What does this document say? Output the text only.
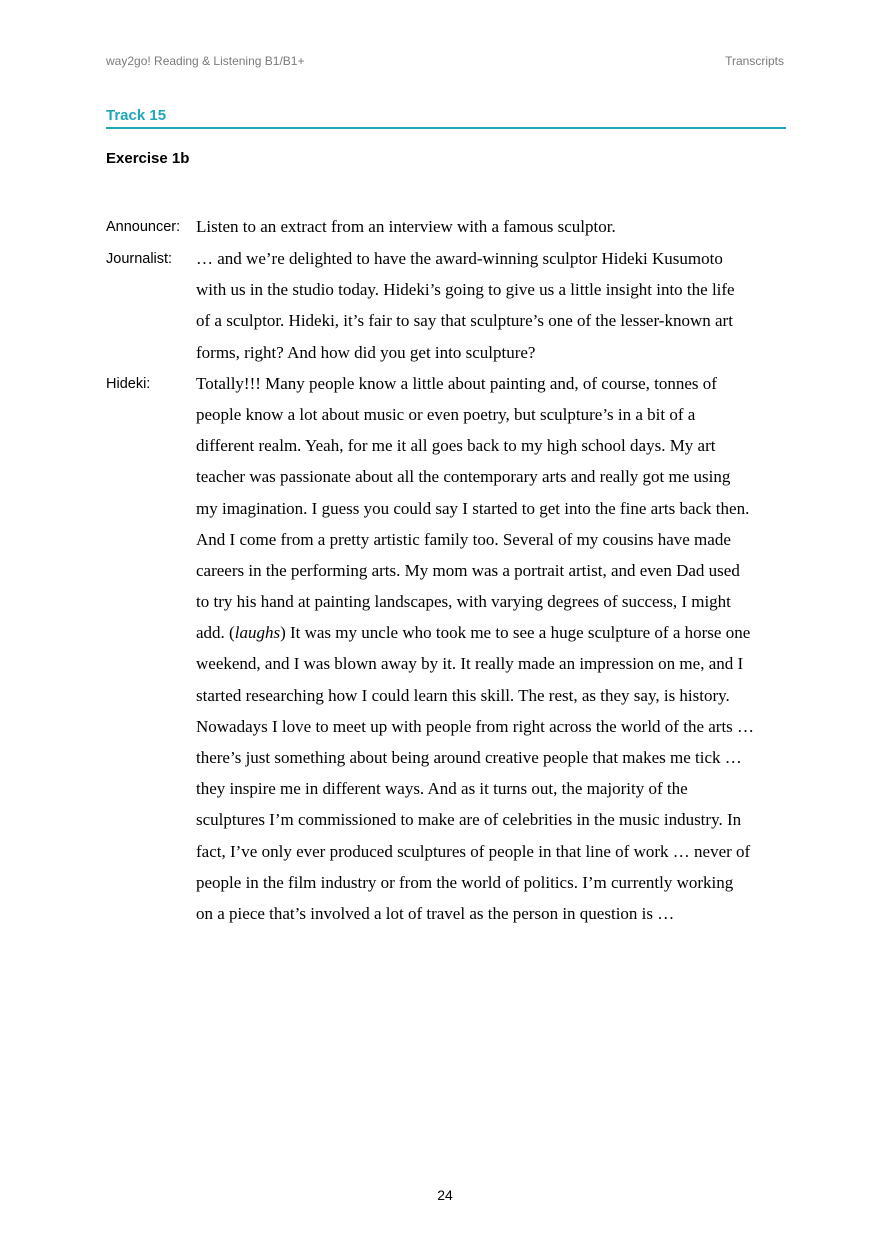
way2go! Reading & Listening B1/B1+	Transcripts
Track 15
Exercise 1b
Announcer: Listen to an extract from an interview with a famous sculptor.
Journalist:	… and we’re delighted to have the award-winning sculptor Hideki Kusumoto
with us in the studio today. Hideki’s going to give us a little insight into the life
of a sculptor. Hideki, it’s fair to say that sculpture’s one of the lesser-known art
forms, right? And how did you get into sculpture?
Hideki:	Totally!!! Many people know a little about painting and, of course, tonnes of
people know a lot about music or even poetry, but sculpture’s in a bit of a
different realm. Yeah, for me it all goes back to my high school days. My art
teacher was passionate about all the contemporary arts and really got me using
my imagination. I guess you could say I started to get into the fine arts back then.
And I come from a pretty artistic family too. Several of my cousins have made
careers in the performing arts. My mom was a portrait artist, and even Dad used
to try his hand at painting landscapes, with varying degrees of success, I might
add. (laughs) It was my uncle who took me to see a huge sculpture of a horse one
weekend, and I was blown away by it. It really made an impression on me, and I
started researching how I could learn this skill. The rest, as they say, is history.
Nowadays I love to meet up with people from right across the world of the arts …
there’s just something about being around creative people that makes me tick …
they inspire me in different ways. And as it turns out, the majority of the
sculptures I’m commissioned to make are of celebrities in the music industry. In
fact, I’ve only ever produced sculptures of people in that line of work … never of
people in the film industry or from the world of politics. I’m currently working
on a piece that’s involved a lot of travel as the person in question is …
24
